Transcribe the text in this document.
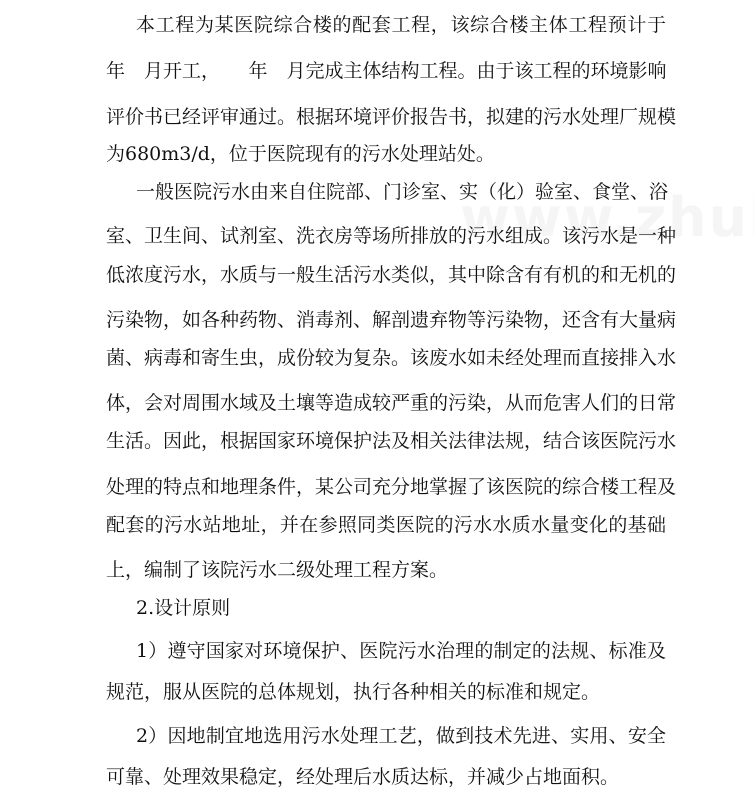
本工程为某医院综合楼的配套工程，该综合楼主体工程预计于
年　月开工，　　年　月完成主体结构工程。由于该工程的环境影响
评价书已经评审通过。根据环境评价报告书，拟建的污水处理厂规模
为680m3/d，位于医院现有的污水处理站处。
一般医院污水由来自住院部、门诊室、实（化）验室、食堂、浴
室、卫生间、试剂室、洗衣房等场所排放的污水组成。该污水是一种
低浓度污水，水质与一般生活污水类似，其中除含有有机的和无机的
污染物，如各种药物、消毒剂、解剖遗弃物等污染物，还含有大量病
菌、病毒和寄生虫，成份较为复杂。该废水如未经处理而直接排入水
体，会对周围水域及土壤等造成较严重的污染，从而危害人们的日常
生活。因此，根据国家环境保护法及相关法律法规，结合该医院污水
处理的特点和地理条件，某公司充分地掌握了该医院的综合楼工程及
配套的污水站地址，并在参照同类医院的污水水质水量变化的基础
上，编制了该院污水二级处理工程方案。
2.设计原则
1）遵守国家对环境保护、医院污水治理的制定的法规、标准及
规范，服从医院的总体规划，执行各种相关的标准和规定。
2）因地制宜地选用污水处理工艺，做到技术先进、实用、安全
可靠、处理效果稳定，经处理后水质达标，并减少占地面积。
